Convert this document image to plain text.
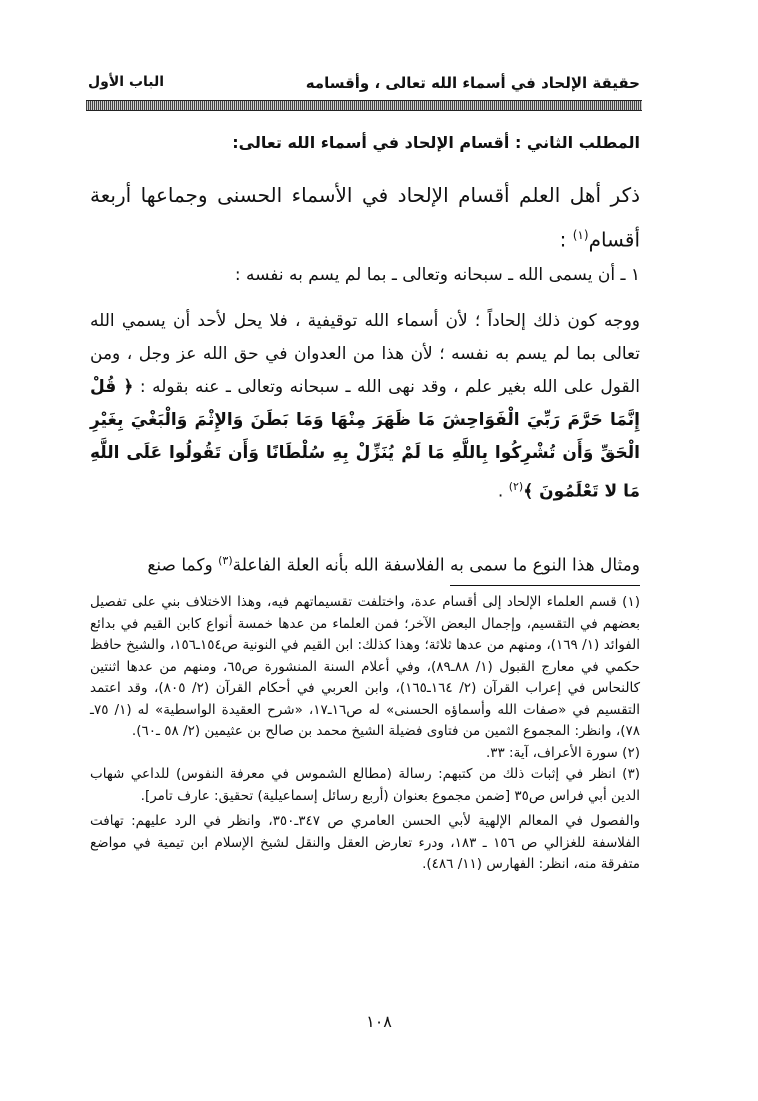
حقيقة الإلحاد في أسماء الله تعالى ، وأقسامه
الباب الأول
المطلب الثاني : أقسام الإلحاد في أسماء الله تعالى:

ذكر أهل العلم أقسام الإلحاد في الأسماء الحسنى وجماعها أربعة أقسام$^{(١)}$ :

١ ـ أن يسمى الله ـ سبحانه وتعالى ـ بما لم يسم به نفسه :

ووجه كون ذلك إلحاداً ؛ لأن أسماء الله توقيفية ، فلا يحل لأحد أن يسمي الله تعالى بما لم يسم به نفسه ؛ لأن هذا من العدوان في حق الله عز وجل ، ومن القول على الله بغير علم ، وقد نهى الله ـ سبحانه وتعالى ـ عنه بقوله : ﴿ قُلْ إِنَّمَا حَرَّمَ رَبِّيَ الْفَوَاحِشَ مَا ظَهَرَ مِنْهَا وَمَا بَطَنَ وَالإِثْمَ وَالْبَغْيَ بِغَيْرِ الْحَقِّ وَأَن تُشْرِكُوا بِاللَّهِ مَا لَمْ يُنَزِّلْ بِهِ سُلْطَانًا وَأَن تَقُولُوا عَلَى اللَّهِ مَا لا تَعْلَمُونَ ﴾$^{(٢)}$ .

ومثال هذا النوع ما سمى به الفلاسفة الله بأنه العلة الفاعلة$^{(٣)}$ وكما صنع

(١) قسم العلماء الإلحاد إلى أقسام عدة، واختلفت تقسيماتهم فيه، وهذا الاختلاف بني على تفصيل بعضهم في التقسيم، وإجمال البعض الآخر؛ فمن العلماء من عدها خمسة أنواع كابن القيم في بدائع الفوائد (١/ ١٦٩)، ومنهم من عدها ثلاثة؛ وهذا كذلك: ابن القيم في النونية ص١٥٤ـ١٥٦، والشيخ حافظ حكمي في معارج القبول (١/ ٨٨ـ٨٩)، وفي أعلام السنة المنشورة ص٦٥، ومنهم من عدها اثنتين كالنحاس في إعراب القرآن (٢/ ١٦٤ـ١٦٥)، وابن العربي في أحكام القرآن (٢/ ٨٠٥)، وقد اعتمد التقسيم في «صفات الله وأسماؤه الحسنى» له ص١٦ـ١٧، «شرح العقيدة الواسطية» له (١/ ٧٥ـ ٧٨)، وانظر: المجموع الثمين من فتاوى فضيلة الشيخ محمد بن صالح بن عثيمين (٢/ ٥٨ ـ٦٠).

(٢) سورة الأعراف، آية: ٣٣.

(٣) انظر في إثبات ذلك من كتبهم: رسالة (مطالع الشموس في معرفة النفوس) للداعي شهاب الدين أبي فراس ص٣٥ [ضمن مجموع بعنوان (أربع رسائل إسماعيلية) تحقيق: عارف تامر].

والفصول في المعالم الإلهية لأبي الحسن العامري ص ٣٤٧ـ٣٥٠، وانظر في الرد عليهم: تهافت الفلاسفة للغزالي ص ١٥٦ ـ ١٨٣، ودرء تعارض العقل والنقل لشيخ الإسلام ابن تيمية في مواضع متفرقة منه، انظر: الفهارس (١١/ ٤٨٦).

١٠٨
